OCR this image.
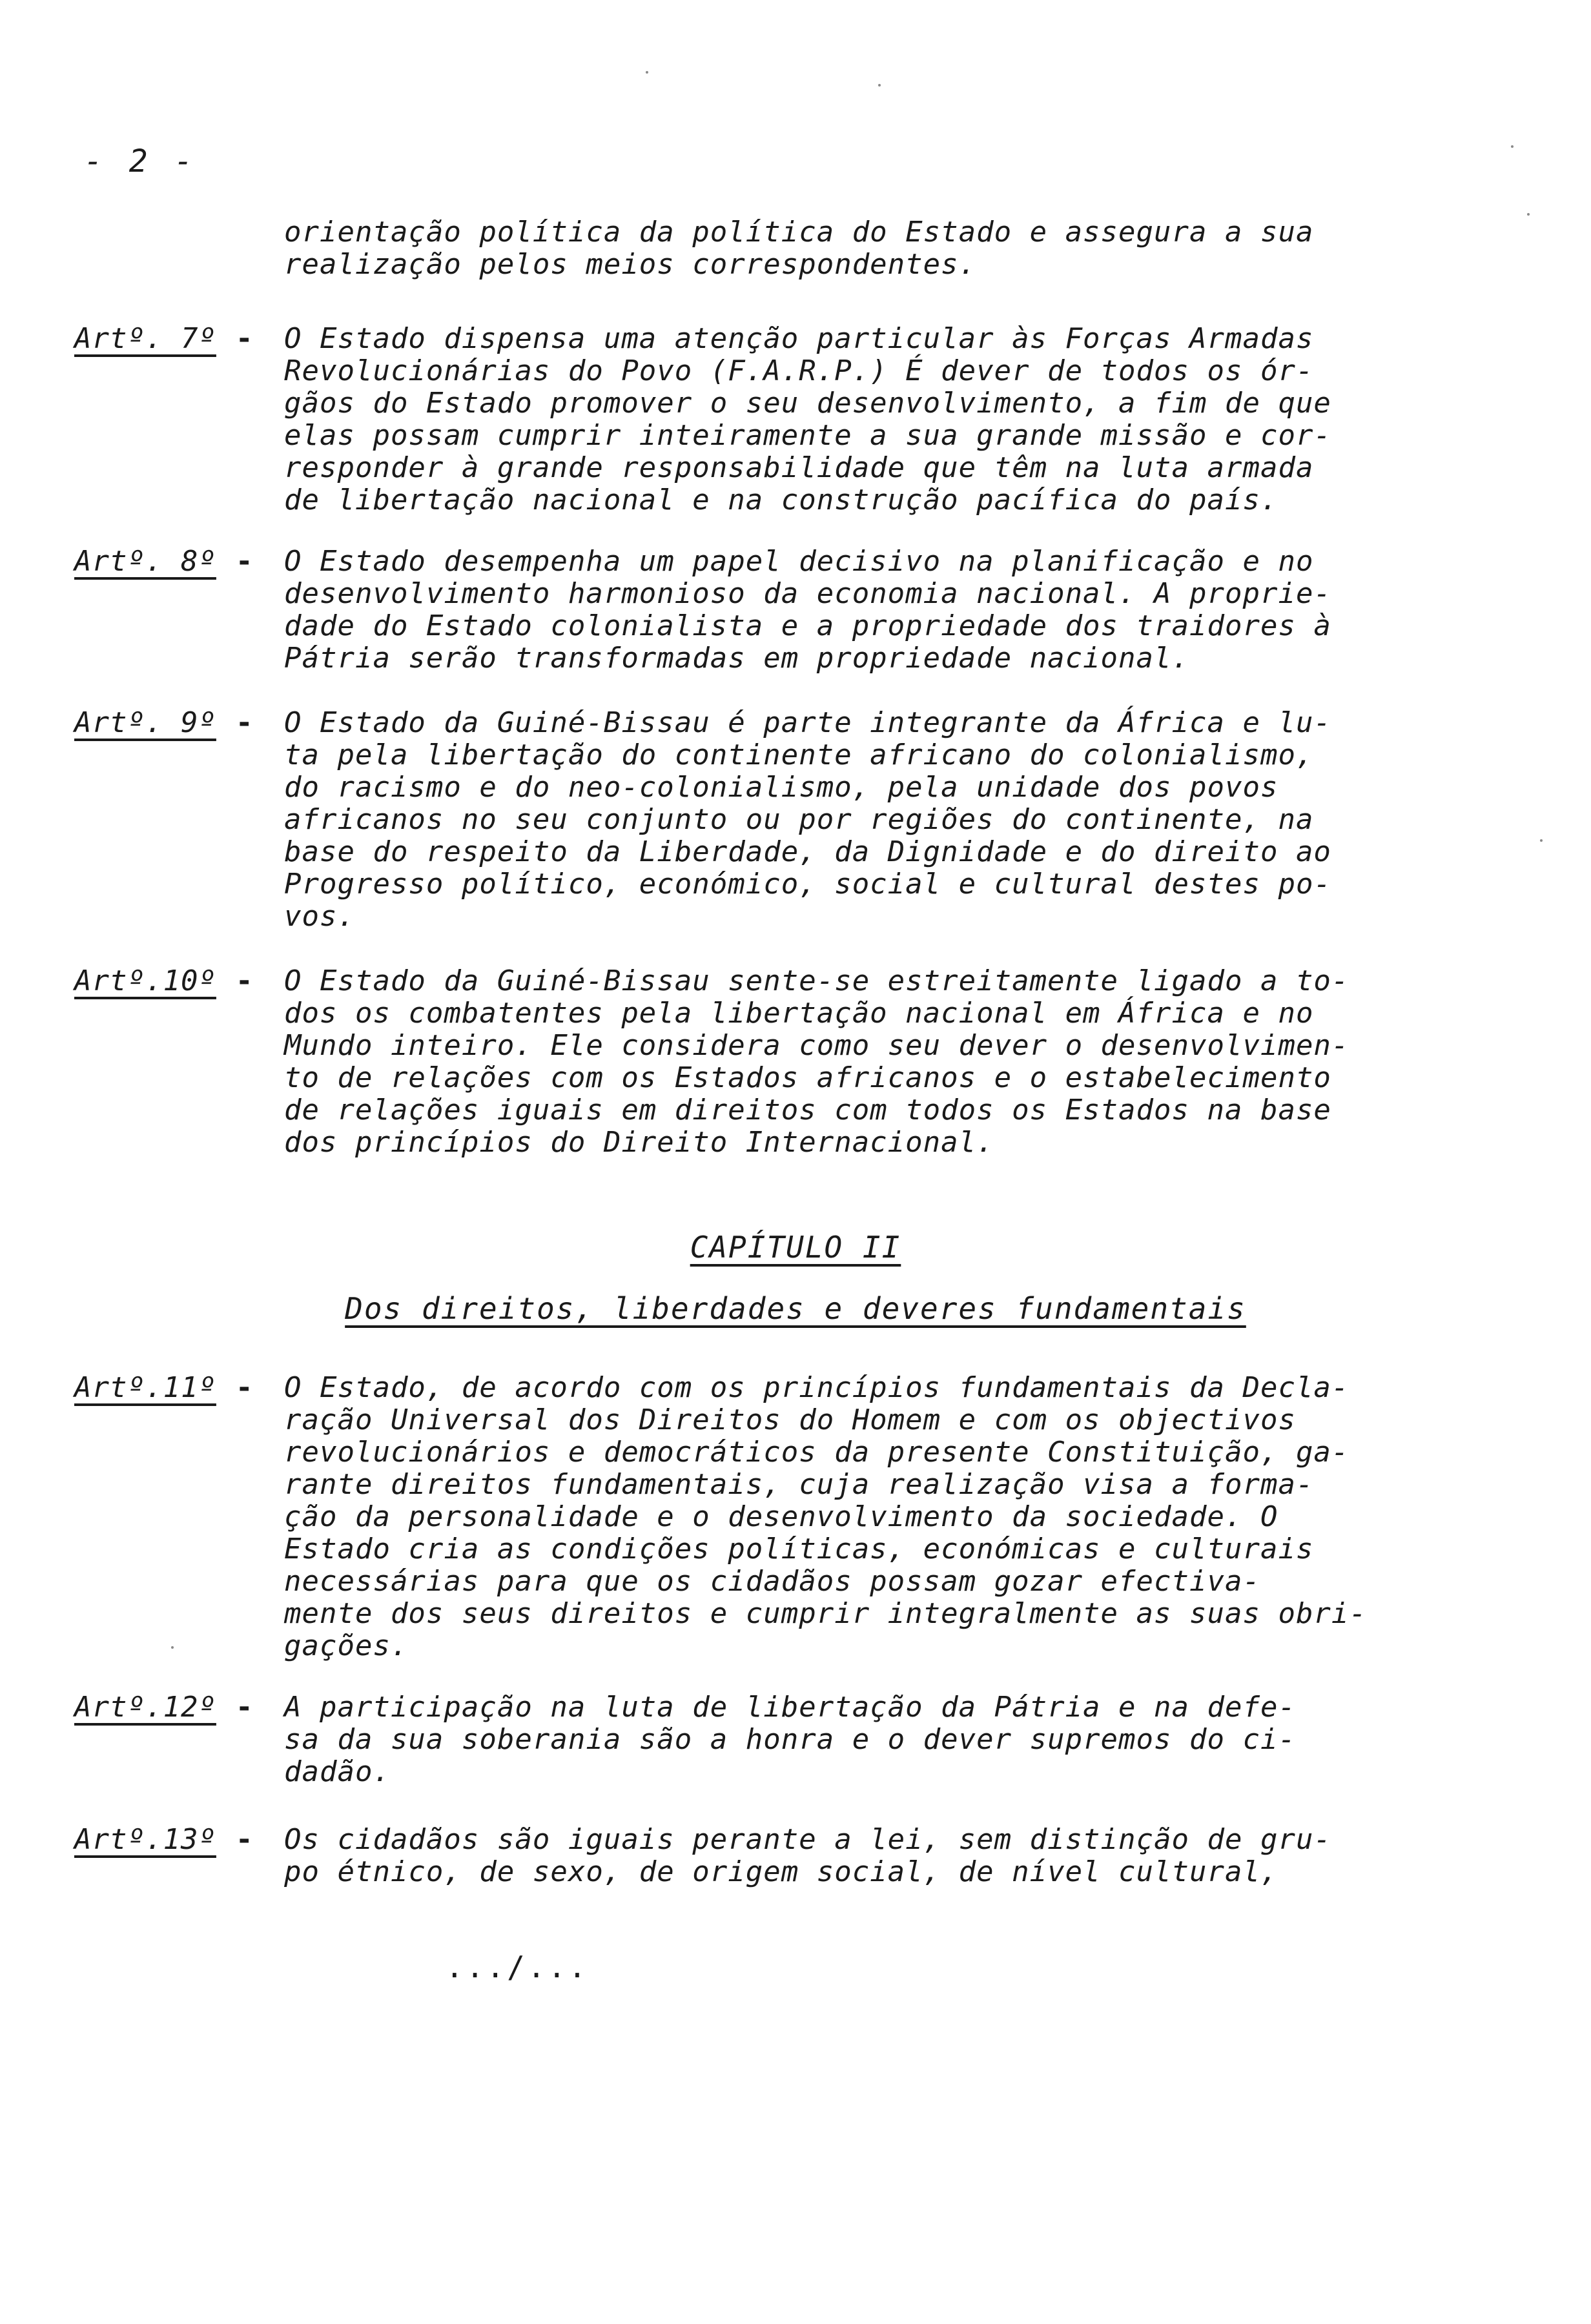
- 2 -
orientação política da política do Estado e assegura a sua
realização pelos meios correspondentes.
Artº. 7º -	O Estado dispensa uma atenção particular às Forças Armadas
Revolucionárias do Povo (F.A.R.P.) É dever de todos os ór-
gãos do Estado promover o seu desenvolvimento, a fim de que
elas possam cumprir inteiramente a sua grande missão e cor-
responder à grande responsabilidade que têm na luta armada
de libertação nacional e na construção pacífica do país.
Artº. 8º -	O Estado desempenha um papel decisivo na planificação e no
desenvolvimento harmonioso da economia nacional. A proprie-
dade do Estado colonialista e a propriedade dos traidores à
Pátria serão transformadas em propriedade nacional.
Artº. 9º -	O Estado da Guiné-Bissau é parte integrante da África e lu-
ta pela libertação do continente africano do colonialismo,
do racismo e do neo-colonialismo, pela unidade dos povos
africanos no seu conjunto ou por regiões do continente, na
base do respeito da Liberdade, da Dignidade e do direito ao
Progresso político, económico, social e cultural destes po-
vos.
Artº.10º -	O Estado da Guiné-Bissau sente-se estreitamente ligado a to-
dos os combatentes pela libertação nacional em África e no
Mundo inteiro. Ele considera como seu dever o desenvolvimen-
to de relações com os Estados africanos e o estabelecimento
de relações iguais em direitos com todos os Estados na base
dos princípios do Direito Internacional.
CAPÍTULO II
Dos direitos, liberdades e deveres fundamentais
Artº.11º -	O Estado, de acordo com os princípios fundamentais da Decla-
ração Universal dos Direitos do Homem e com os objectivos
revolucionários e democráticos da presente Constituição, ga-
rante direitos fundamentais, cuja realização visa a forma-
ção da personalidade e o desenvolvimento da sociedade. O
Estado cria as condições políticas, económicas e culturais
necessárias para que os cidadãos possam gozar efectiva-
mente dos seus direitos e cumprir integralmente as suas obri-
gações.
Artº.12º -	A participação na luta de libertação da Pátria e na defe-
sa da sua soberania são a honra e o dever supremos do ci-
dadão.
Artº.13º -	Os cidadãos são iguais perante a lei, sem distinção de gru-
po étnico, de sexo, de origem social, de nível cultural,
.../...
